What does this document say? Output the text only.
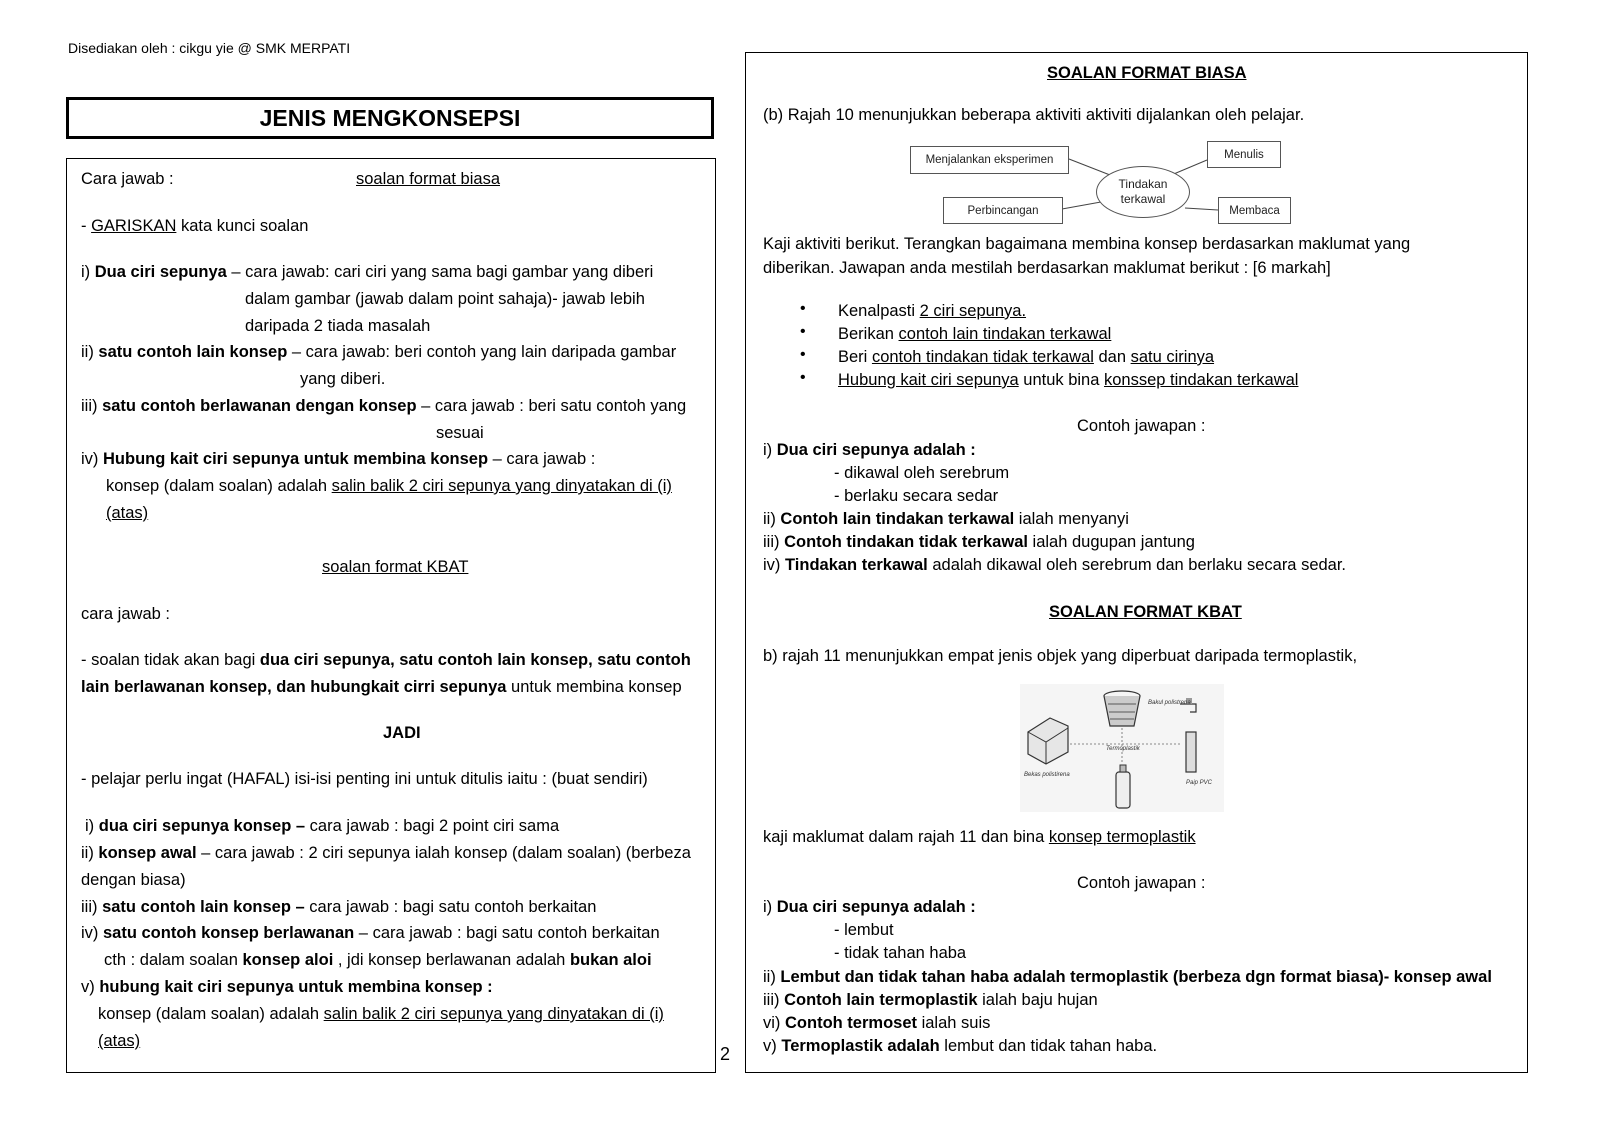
Disediakan oleh : cikgu yie @ SMK MERPATI
JENIS MENGKONSEPSI
2
Cara jawab :	soalan format biasa
- GARISKAN kata kunci soalan
i) Dua ciri sepunya – cara jawab: cari ciri yang sama bagi gambar yang diberi
dalam gambar (jawab dalam point sahaja)- jawab lebih
daripada 2 tiada masalah
ii) satu contoh lain konsep – cara jawab: beri contoh yang lain daripada gambar
yang diberi.
iii) satu contoh berlawanan dengan konsep – cara jawab : beri satu contoh yang
sesuai
iv) Hubung kait ciri sepunya untuk membina konsep – cara jawab :
konsep (dalam soalan) adalah salin balik 2 ciri sepunya yang dinyatakan di (i)
(atas)
soalan format KBAT
cara jawab :
- soalan tidak akan bagi dua ciri sepunya, satu contoh lain konsep, satu contoh
lain berlawanan konsep, dan hubungkait cirri sepunya untuk membina konsep
JADI
- pelajar perlu ingat (HAFAL) isi-isi penting ini untuk ditulis iaitu : (buat sendiri)
i) dua ciri sepunya konsep – cara jawab : bagi 2 point ciri sama
ii) konsep awal – cara jawab : 2 ciri sepunya ialah konsep (dalam soalan) (berbeza
dengan biasa)
iii) satu contoh lain konsep – cara jawab : bagi satu contoh berkaitan
iv) satu contoh konsep berlawanan – cara jawab : bagi satu contoh berkaitan
cth : dalam soalan konsep aloi , jdi konsep berlawanan adalah bukan aloi
v) hubung kait ciri sepunya untuk membina konsep :
konsep (dalam soalan) adalah salin balik 2 ciri sepunya yang dinyatakan di (i)
(atas)
SOALAN FORMAT BIASA
(b) Rajah 10 menunjukkan beberapa aktiviti aktiviti dijalankan oleh pelajar.
Menjalankan eksperimen
Tindakan terkawal
Menulis
Perbincangan	Membaca
Kaji aktiviti berikut. Terangkan bagaimana membina konsep berdasarkan maklumat yang
diberikan. Jawapan anda mestilah berdasarkan maklumat berikut : [6 markah]
• Kenalpasti 2 ciri sepunya.
• Berikan contoh lain tindakan terkawal
• Beri contoh tindakan tidak terkawal dan satu cirinya
• Hubung kait ciri sepunya untuk bina konssep tindakan terkawal
Contoh jawapan :
i) Dua ciri sepunya adalah :
- dikawal oleh serebrum
- berlaku secara sedar
ii) Contoh lain tindakan terkawal ialah menyanyi
iii) Contoh tindakan tidak terkawal ialah dugupan jantung
iv) Tindakan terkawal adalah dikawal oleh serebrum dan berlaku secara sedar.
SOALAN FORMAT KBAT
b) rajah 11 menunjukkan empat jenis objek yang diperbuat daripada termoplastik,
Bakul polistrena
Bekas polistirena
Termoplastik
Paip PVC
kaji maklumat dalam rajah 11 dan bina konsep termoplastik
Contoh jawapan :
i) Dua ciri sepunya adalah :
- lembut
- tidak tahan haba
ii) Lembut dan tidak tahan haba adalah termoplastik (berbeza dgn format biasa)- konsep awal
iii) Contoh lain termoplastik ialah baju hujan
vi) Contoh termoset ialah suis
v) Termoplastik adalah lembut dan tidak tahan haba.
